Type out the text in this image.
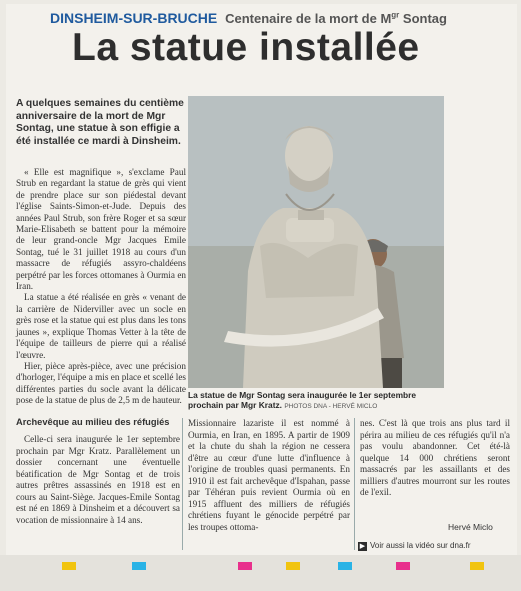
DINSHEIM-SUR-BRUCHE Centenaire de la mort de $M^{gr}$ Sontag
La statue installée
A quelques semaines du centième anniversaire de la mort de Mgr Sontag, une statue à son effigie a été installée ce mardi à Dinsheim.

« Elle est magnifique », s'exclame Paul Strub en regardant la statue de grès qui vient de prendre place sur son piédestal devant l'église Saints-Simon-et-Jude. Depuis des années Paul Strub, son frère Roger et sa sœur Marie-Elisabeth se battent pour la mémoire de leur grand-oncle Mgr Jacques Emile Sontag, tué le 31 juillet 1918 au cours d'un massacre de réfugiés assyro-chaldéens perpétré par les forces ottomanes à Ourmia en Iran.

La statue a été réalisée en grès « venant de la carrière de Niderviller avec un socle en grès rose et la statue qui est plus dans les tons jaunes », explique Thomas Vetter à la tête de l'équipe de tailleurs de pierre qui a réalisé l'œuvre.

Hier, pièce après-pièce, avec une précision d'horloger, l'équipe a mis en place et scellé les différentes parties du socle avant la délicate pose de la statue de plus de 2,5 m de hauteur.

La statue de Mgr Sontag sera inaugurée le 1er septembre prochain par Mgr Kratz. PHOTOS DNA - HERVÉ MICLO
Archevêque au milieu des réfugiés

Celle-ci sera inaugurée le 1er septembre prochain par Mgr Kratz. Parallèlement un dossier concernant une éventuelle béatification de Mgr Sontag et de trois autres prêtres assassinés en 1918 est en cours au Saint-Siège. Jacques-Emile Sontag est né en 1869 à Dinsheim et a découvert sa vocation de missionnaire à 14 ans.

Missionnaire lazariste il est nommé à Ourmia, en Iran, en 1895. A partir de 1909 et la chute du shah la région ne cessera d'être au cœur d'une lutte d'influence à l'origine de troubles quasi permanents. En 1910 il est fait archevêque d'Ispahan, passe par Téhéran puis revient Ourmia où en 1915 affluent des milliers de réfugiés chrétiens fuyant le génocide perpétré par les troupes ottoma-

nes. C'est là que trois ans plus tard il périra au milieu de ces réfugiés qu'il n'a pas voulu abandonner. Cet été-là quelque 14 000 chrétiens seront massacrés par les assaillants et des milliers d'autres mourront sur les routes de l'exil.

Hervé Miclo
▶ Voir aussi la vidéo sur dna.fr
